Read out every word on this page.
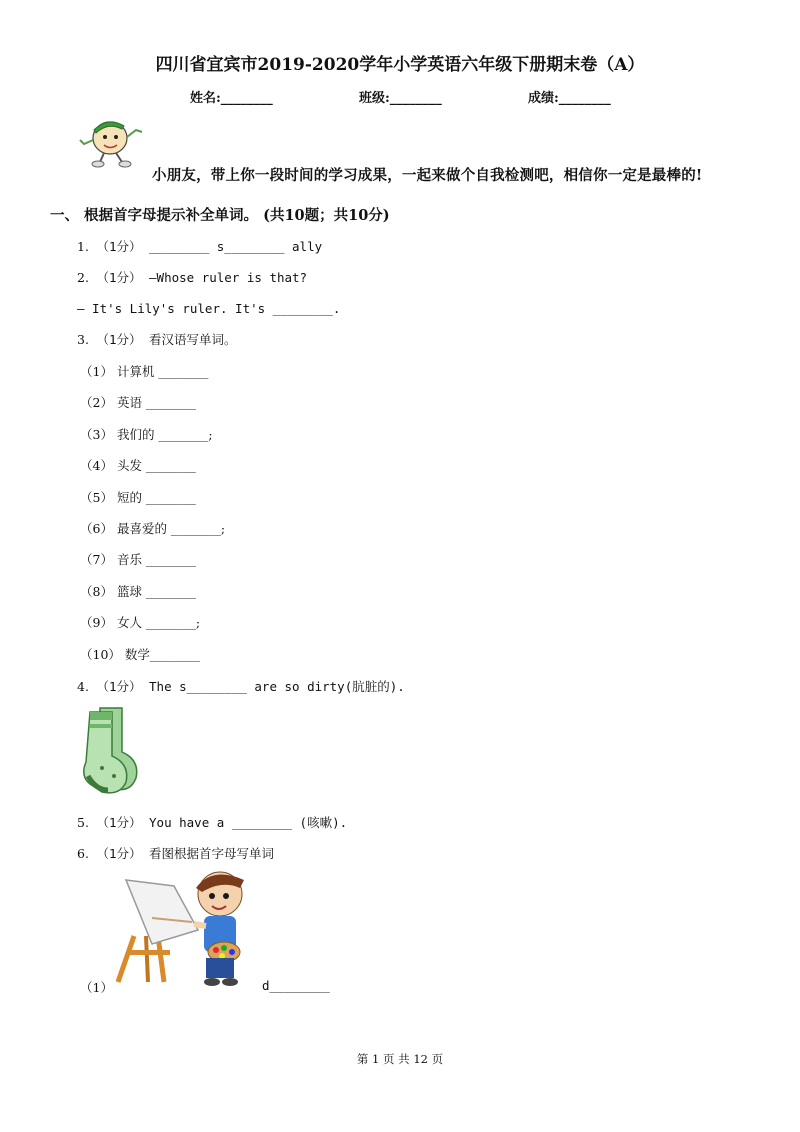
四川省宜宾市2019-2020学年小学英语六年级下册期末卷（A）
姓名:________	班级:________	成绩:________
小朋友，带上你一段时间的学习成果，一起来做个自我检测吧，相信你一定是最棒的!
一、 根据首字母提示补全单词。 (共10题；共10分)
1. （1分） ________ s________ ally
2. （1分） —Whose ruler is that?
— It's Lily's ruler. It's ________.
3. （1分） 看汉语写单词。
（1） 计算机 ________
（2） 英语 ________
（3） 我们的 ________;
（4） 头发 ________
（5） 短的 ________
（6） 最喜爱的 ________;
（7） 音乐 ________
（8） 篮球 ________
（9） 女人 ________;
（10） 数学________
4. （1分） The s________ are so dirty(肮脏的).
5. （1分） You have a ________ (咳嗽).
6. （1分） 看图根据首字母写单词
（1）	d________
第 1 页 共 12 页
